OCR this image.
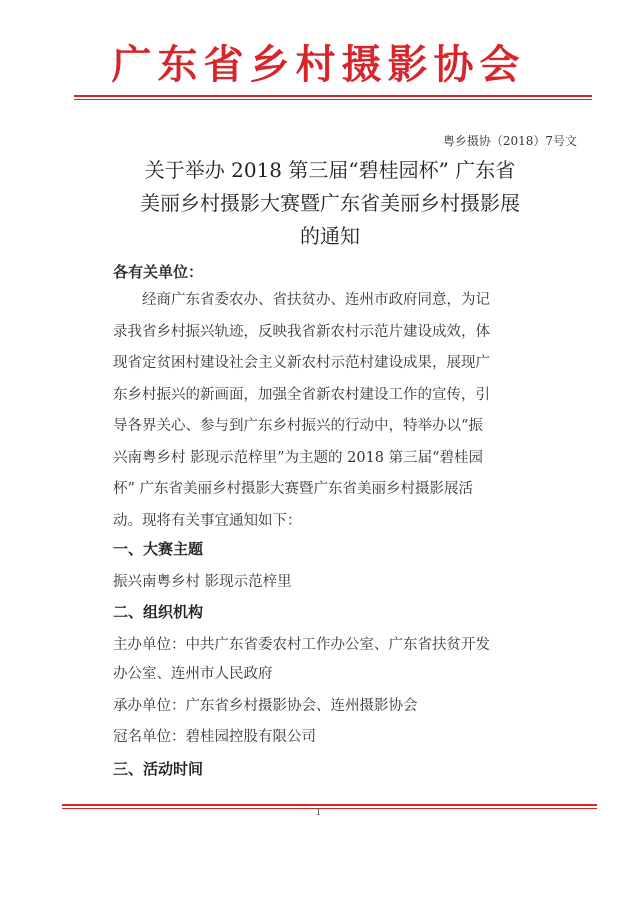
广东省乡村摄影协会
粤乡摄协（2018）7号文
关于举办 2018 第三届“碧桂园杯” 广东省
美丽乡村摄影大赛暨广东省美丽乡村摄影展
的通知
各有关单位：
经商广东省委农办、省扶贫办、连州市政府同意，为记
录我省乡村振兴轨迹，反映我省新农村示范片建设成效，体
现省定贫困村建设社会主义新农村示范村建设成果，展现广
东乡村振兴的新画面，加强全省新农村建设工作的宣传，引
导各界关心、参与到广东乡村振兴的行动中，特举办以“振
兴南粤乡村 影现示范梓里”为主题的 2018 第三届“碧桂园
杯” 广东省美丽乡村摄影大赛暨广东省美丽乡村摄影展活
动。现将有关事宜通知如下：
一、大赛主题
振兴南粤乡村 影现示范梓里
二、组织机构
主办单位：中共广东省委农村工作办公室、广东省扶贫开发
办公室、连州市人民政府
承办单位：广东省乡村摄影协会、连州摄影协会
冠名单位：碧桂园控股有限公司
三、活动时间
1
